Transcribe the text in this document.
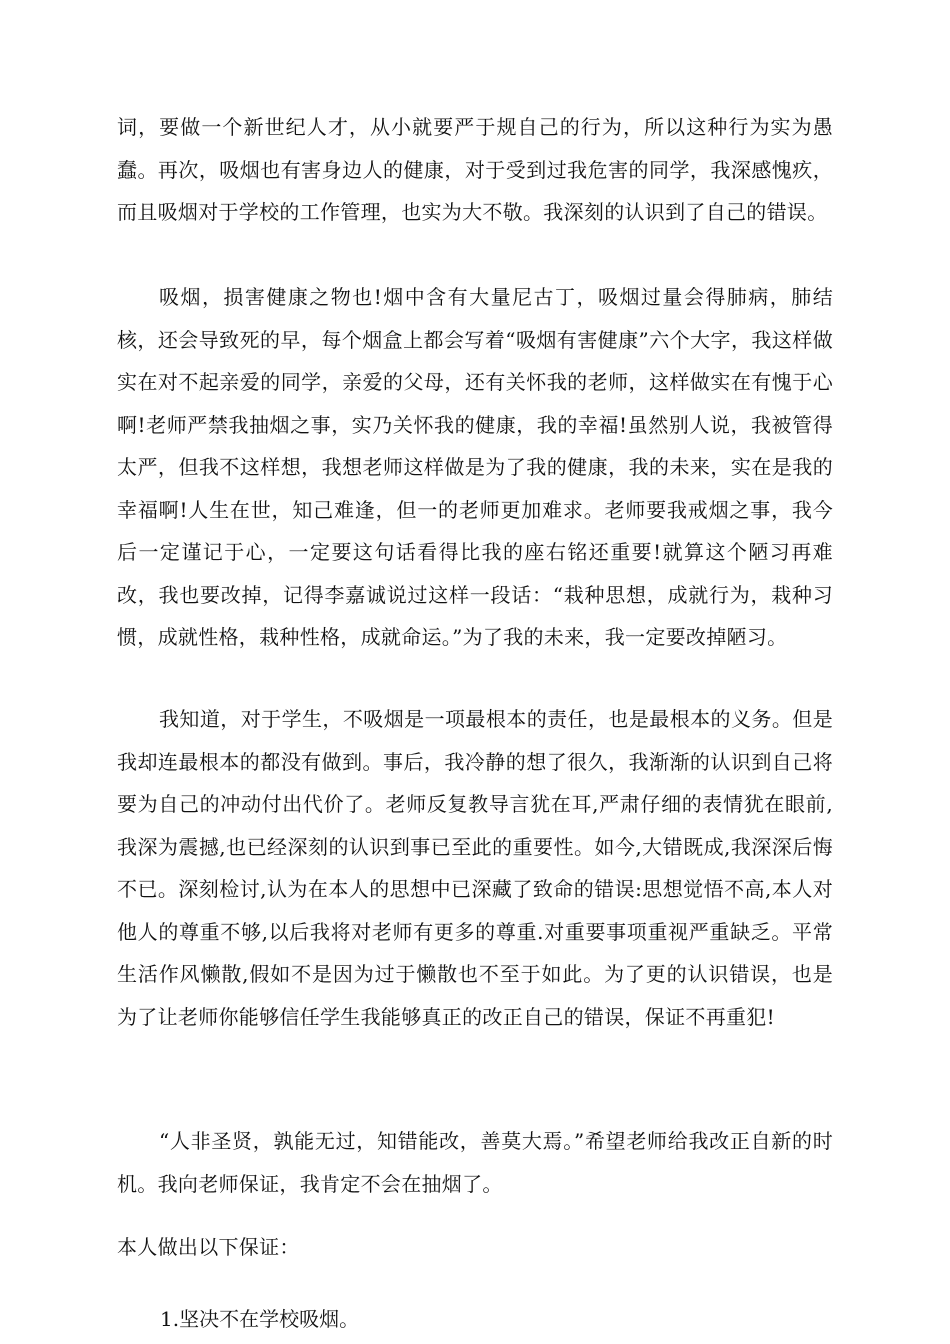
词，要做一个新世纪人才，从小就要严于规自己的行为，所以这种行为实为愚蠢。再次，吸烟也有害身边人的健康，对于受到过我危害的同学，我深感愧疚，而且吸烟对于学校的工作管理，也实为大不敬。我深刻的认识到了自己的错误。

吸烟，损害健康之物也!烟中含有大量尼古丁，吸烟过量会得肺病，肺结核，还会导致死的早，每个烟盒上都会写着“吸烟有害健康”六个大字，我这样做实在对不起亲爱的同学，亲爱的父母，还有关怀我的老师，这样做实在有愧于心啊!老师严禁我抽烟之事，实乃关怀我的健康，我的幸福!虽然别人说，我被管得太严，但我不这样想，我想老师这样做是为了我的健康，我的未来，实在是我的幸福啊!人生在世，知己难逢，但一的老师更加难求。老师要我戒烟之事，我今后一定谨记于心，一定要这句话看得比我的座右铭还重要!就算这个陋习再难改，我也要改掉，记得李嘉诚说过这样一段话：“栽种思想，成就行为，栽种习惯，成就性格，栽种性格，成就命运。”为了我的未来，我一定要改掉陋习。

我知道，对于学生，不吸烟是一项最根本的责任，也是最根本的义务。但是我却连最根本的都没有做到。事后，我冷静的想了很久，我渐渐的认识到自己将要为自己的冲动付出代价了。老师反复教导言犹在耳,严肃仔细的表情犹在眼前,我深为震撼,也已经深刻的认识到事已至此的重要性。如今,大错既成,我深深后悔不已。深刻检讨,认为在本人的思想中已深藏了致命的错误:思想觉悟不高,本人对他人的尊重不够,以后我将对老师有更多的尊重.对重要事项重视严重缺乏。平常生活作风懒散,假如不是因为过于懒散也不至于如此。为了更的认识错误，也是为了让老师你能够信任学生我能够真正的改正自己的错误，保证不再重犯!

“人非圣贤，孰能无过，知错能改，善莫大焉。”希望老师给我改正自新的时机。我向老师保证，我肯定不会在抽烟了。

本人做出以下保证：

1.坚决不在学校吸烟。
